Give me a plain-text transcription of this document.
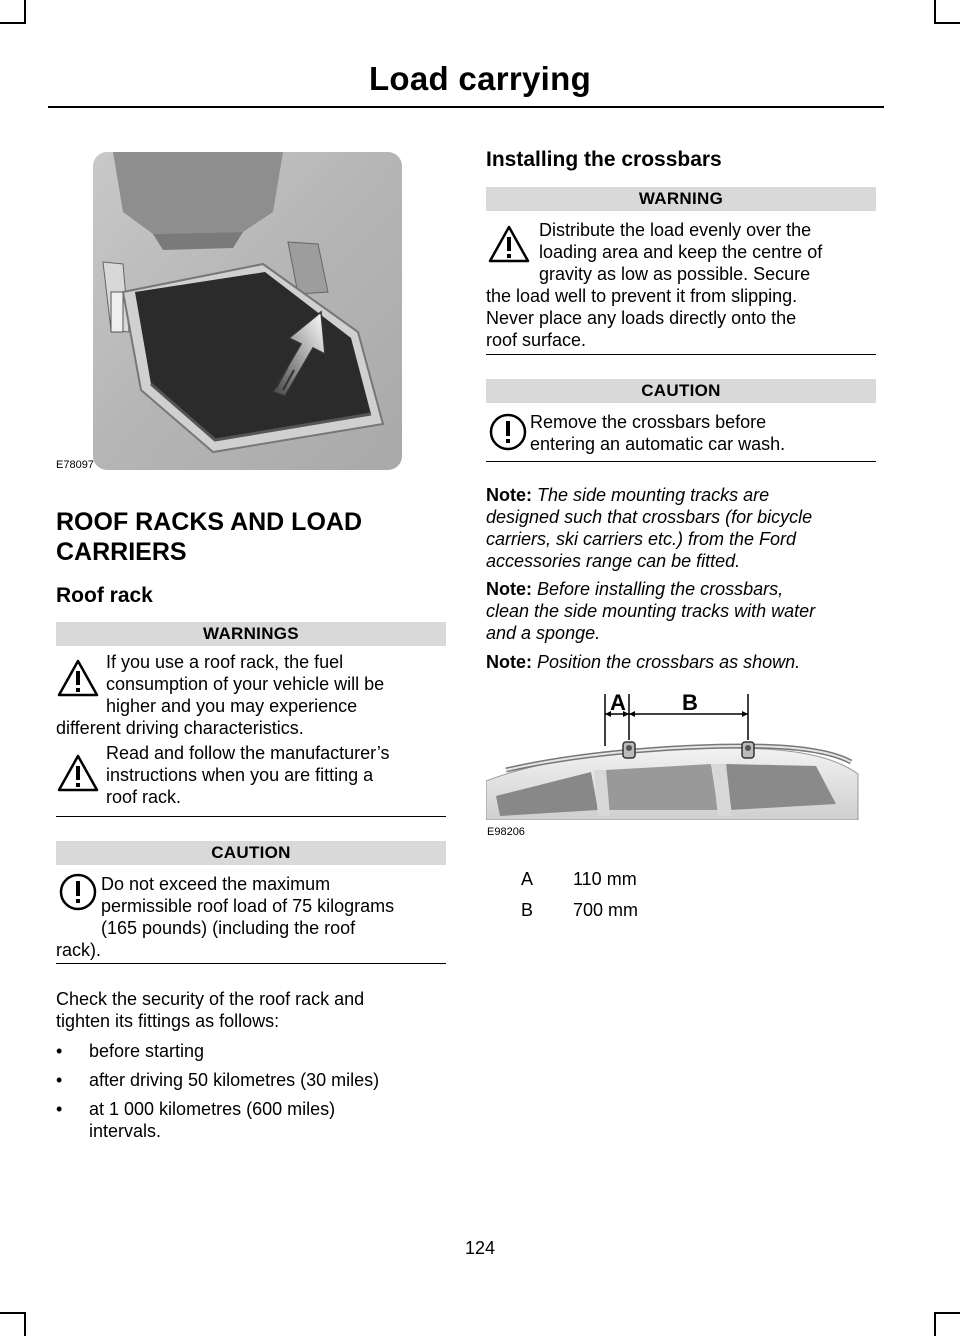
Load carrying
E78097
ROOF RACKS AND LOAD CARRIERS
Roof rack
WARNINGS
If you use a roof rack, the fuel
consumption of your vehicle will be
higher and you may experience
different driving characteristics.
Read and follow the manufacturer’s
instructions when you are fitting a
roof rack.
CAUTION
Do not exceed the maximum
permissible roof load of 75 kilograms
(165 pounds) (including the roof
rack).
Check the security of the roof rack and
tighten its fittings as follows:
• before starting
• after driving 50 kilometres (30 miles)
• at 1 000 kilometres (600 miles)
intervals.
Installing the crossbars
WARNING
Distribute the load evenly over the
loading area and keep the centre of
gravity as low as possible. Secure
the load well to prevent it from slipping.
Never place any loads directly onto the
roof surface.
CAUTION
Remove the crossbars before
entering an automatic car wash.
Note: The side mounting tracks are
designed such that crossbars (for bicycle
carriers, ski carriers etc.) from the Ford
accessories range can be fitted.
Note: Before installing the crossbars,
clean the side mounting tracks with water
and a sponge.
Note: Position the crossbars as shown.
A	B
E98206
A 110 mm
B 700 mm
124
